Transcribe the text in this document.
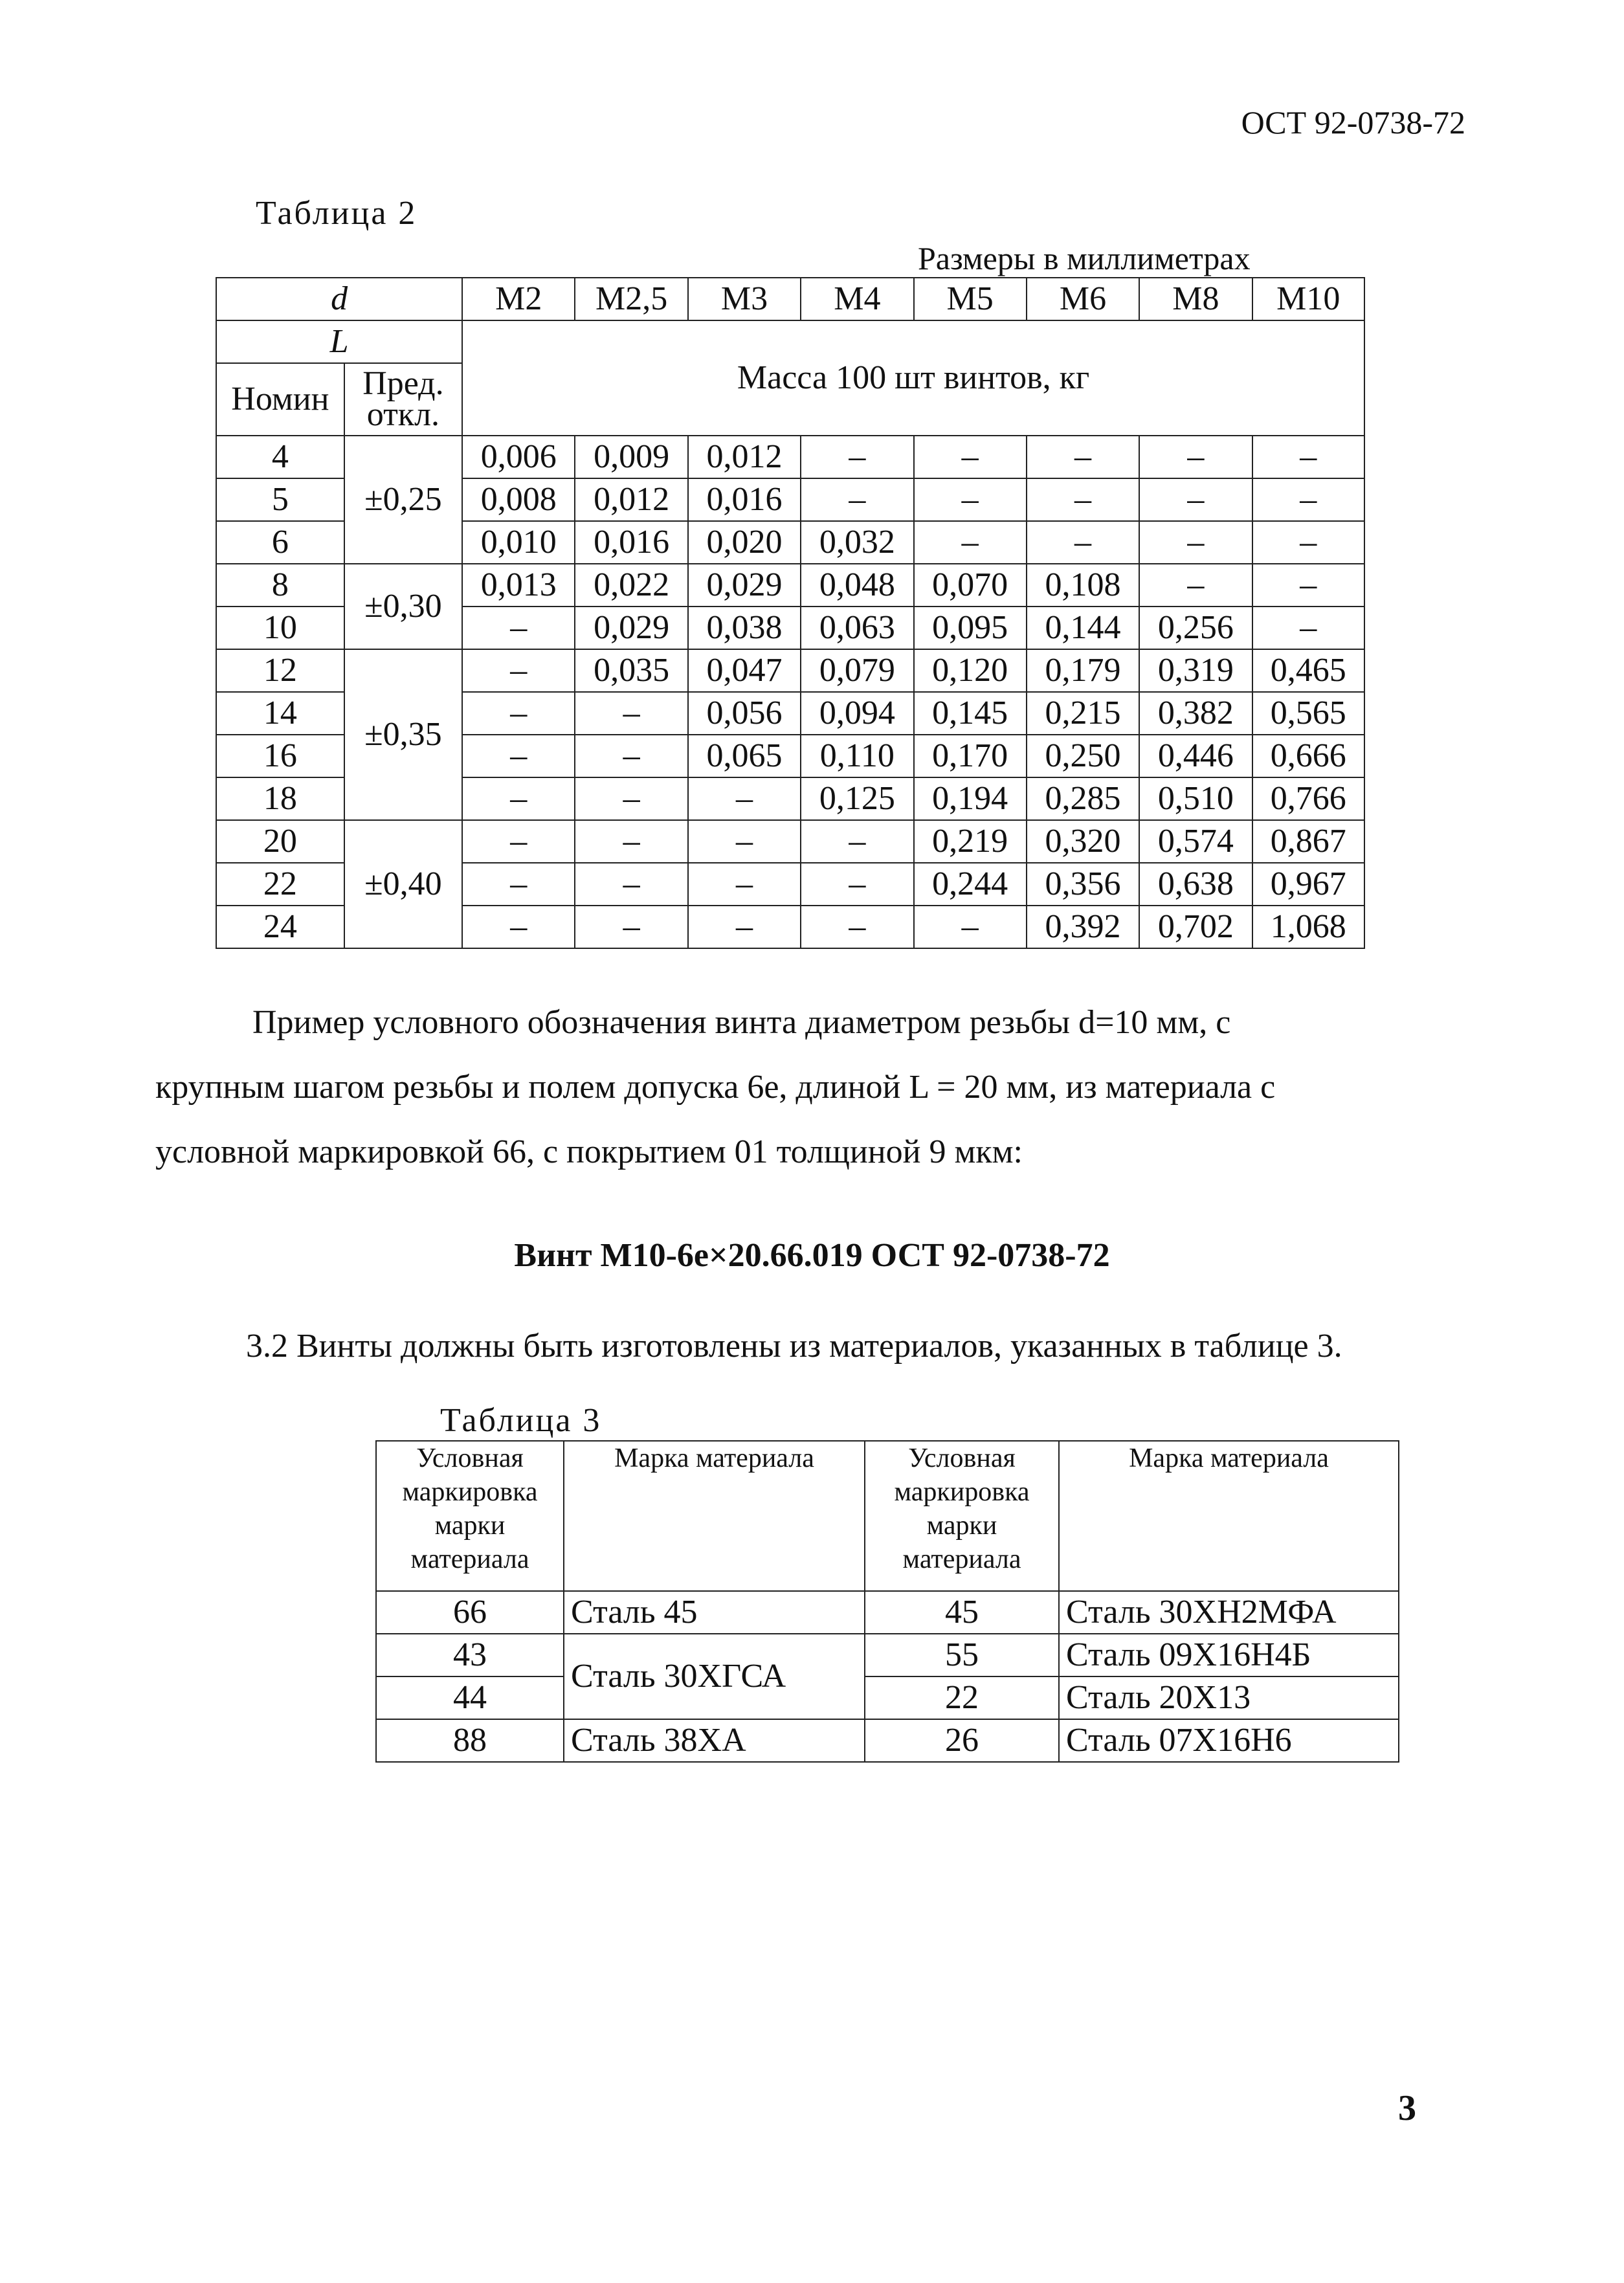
ОСТ 92-0738-72
Таблица 2
Размеры в миллиметрах
d		M2	M2,5	M3	M4	M5	M6	M8	M10
L		Масса 100 шт винтов, кг							
Номин	Пред. откл.								
4	±0,25	0,006	0,009	0,012	–	–	–	–	–
5		0,008	0,012	0,016	–	–	–	–	–
6		0,010	0,016	0,020	0,032	–	–	–	–
8	±0,30	0,013	0,022	0,029	0,048	0,070	0,108	–	–
10		–	0,029	0,038	0,063	0,095	0,144	0,256	–
12	±0,35	–	0,035	0,047	0,079	0,120	0,179	0,319	0,465
14		–	–	0,056	0,094	0,145	0,215	0,382	0,565
16		–	–	0,065	0,110	0,170	0,250	0,446	0,666
18		–	–	–	0,125	0,194	0,285	0,510	0,766
20	±0,40	–	–	–	–	0,219	0,320	0,574	0,867
22		–	–	–	–	0,244	0,356	0,638	0,967
24		–	–	–	–	–	0,392	0,702	1,068

Пример условного обозначения винта диаметром резьбы d=10 мм, с

крупным шагом резьбы и полем допуска 6e, длиной L = 20 мм, из материала с

условной маркировкой 66, с покрытием 01 толщиной 9 мкм:

Винт М10-6е×20.66.019 ОСТ 92-0738-72
3.2 Винты должны быть изготовлены из материалов, указанных в таблице 3.
Таблица 3
Условная маркировка марки материала	Марка материала	Условная маркировка марки материала	Марка материала
66	Сталь 45	45	Сталь 30ХН2МФА
43	Сталь 30ХГСА	55	Сталь 09Х16Н4Б
44		22	Сталь 20Х13
88	Сталь 38ХА	26	Сталь 07Х16Н6
3
